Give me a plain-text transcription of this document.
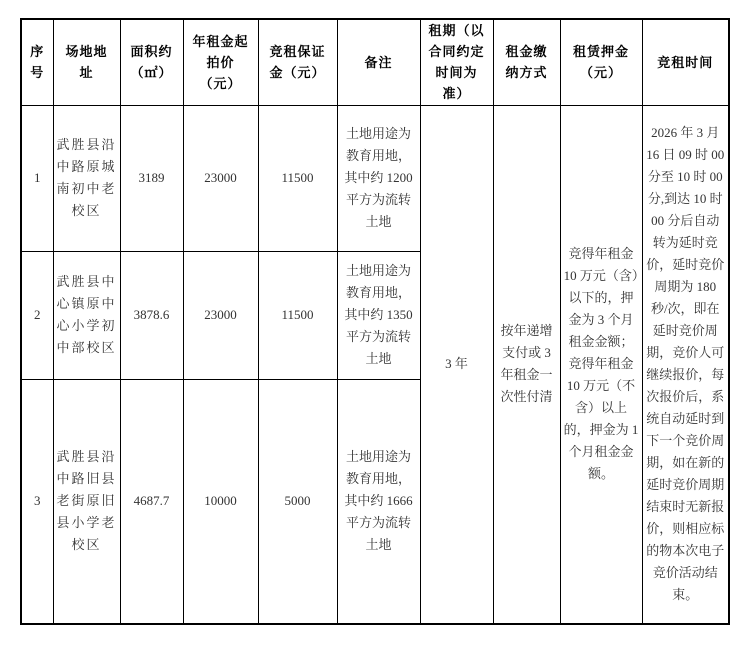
序号	场地地址	面积约（㎡）	年租金起拍价（元）	竞租保证金（元）	备注	租期（以合同约定时间为准）	租金缴纳方式	租赁押金（元）	竞租时间
1	武胜县沿中路原城南初中老校区	3189	23000	11500	土地用途为教育用地，其中约 1200 平方为流转土地	3 年	按年递增支付或 3 年租金一次性付清	竞得年租金 10 万元（含）以下的，押金为 3 个月租金金额；竞得年租金 10 万元（不含）以上的，押金为 1 个月租金金额。	2026 年 3 月 16 日 09 时 00 分至 10 时 00 分,到达 10 时 00 分后自动转为延时竞价，延时竞价周期为 180 秒/次，即在延时竞价周期，竞价人可继续报价，每次报价后，系统自动延时到下一个竞价周期，如在新的延时竞价周期结束时无新报价，则相应标的物本次电子竞价活动结束。
2	武胜县中心镇原中心小学初中部校区	3878.6	23000	11500	土地用途为教育用地，其中约 1350 平方为流转土地				
3	武胜县沿中路旧县老街原旧县小学老校区	4687.7	10000	5000	土地用途为教育用地，其中约 1666 平方为流转土地				
